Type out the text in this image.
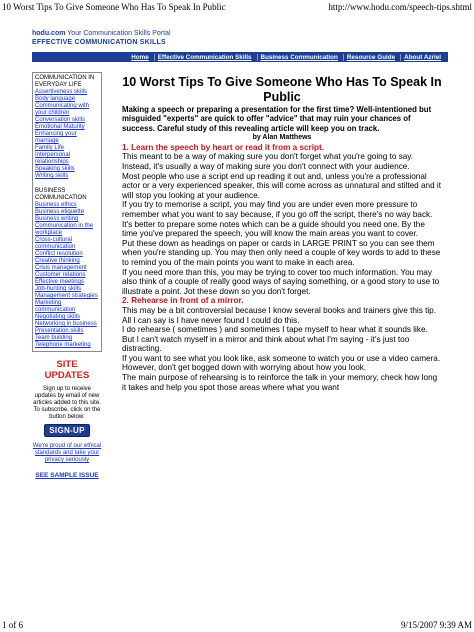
10 Worst Tips To Give Someone Who Has To Speak In Public	http://www.hodu.com/speech-tips.shtml
hodu.com Your Communication Skills Portal
EFFECTIVE COMMUNICATION SKILLS
Home	Effective Communication Skills	Business Communication	Resource Guide	About Azriel
COMMUNICATION IN EVERYDAY LIFE
Assertiveness skills
Body language
Communicating with your children
Conversation skills
Emotional Maturity
Enhancing your marriage
Family Life
Interpersonal relationships
Speaking skills
Writing skills
BUSINESS COMMUNICATION
Business ethics
Business etiquette
Business writing
Communication in the workplace
Cross-cultural communication
Conflict resolution
Creative thinking
Crisis management
Customer relations
Effective meetings
Job-hunting skills
Management strategies
Marketing communication
Negotiating skills
Networking in business
Presentation skills
Team building
Telephone marketing
SITE
UPDATES
Sign up to receive updates by email of new articles added to this site. To subscribe, click on the button below:
SIGN-UP
We're proud of our ethical standards and take your privacy seriously
SEE SAMPLE ISSUE
10 Worst Tips To Give Someone Who Has To Speak In Public

Making a speech or preparing a presentation for the first time? Well-intentioned but misguided "experts" are quick to offer "advice" that may ruin your chances of success. Careful study of this revealing article will keep you on track.

by Alan Matthews

1. Learn the speech by heart or read it from a script.

This meant to be a way of making sure you don't forget what you're going to say. Instead, it's usually a way of making sure you don't connect with your audience.

Most people who use a script end up reading it out and, unless you're a professional actor or a very experienced speaker, this will come across as unnatural and stilted and it will stop you looking at your audience.

If you try to memorise a script, you may find you are under even more pressure to remember what you want to say because, if you go off the script, there's no way back.

It's better to prepare some notes which can be a guide should you need one. By the time you've prepared the speech, you will know the main areas you want to cover.

Put these down as headings on paper or cards in LARGE PRINT so you can see them when you're standing up. You may then only need a couple of key words to add to these to remind you of the main points you want to make in each area.

If you need more than this, you may be trying to cover too much information. You may also think of a couple of really good ways of saying something, or a good story to use to illustrate a point. Jot these down so you don't forget.

2. Rehearse in front of a mirror.

This may be a bit controversial because I know several books and trainers give this tip. All I can say is I have never found I could do this.

I do rehearse ( sometimes ) and sometimes I tape myself to hear what it sounds like. But I can't watch myself in a mirror and think about what I'm saying - it's just too distracting.

If you want to see what you look like, ask someone to watch you or use a video camera. However, don't get bogged down with worrying about how you look.

The main purpose of rehearsing is to reinforce the talk in your memory, check how long it takes and help you spot those areas where what you want

1 of 6	9/15/2007 9:39 AM
